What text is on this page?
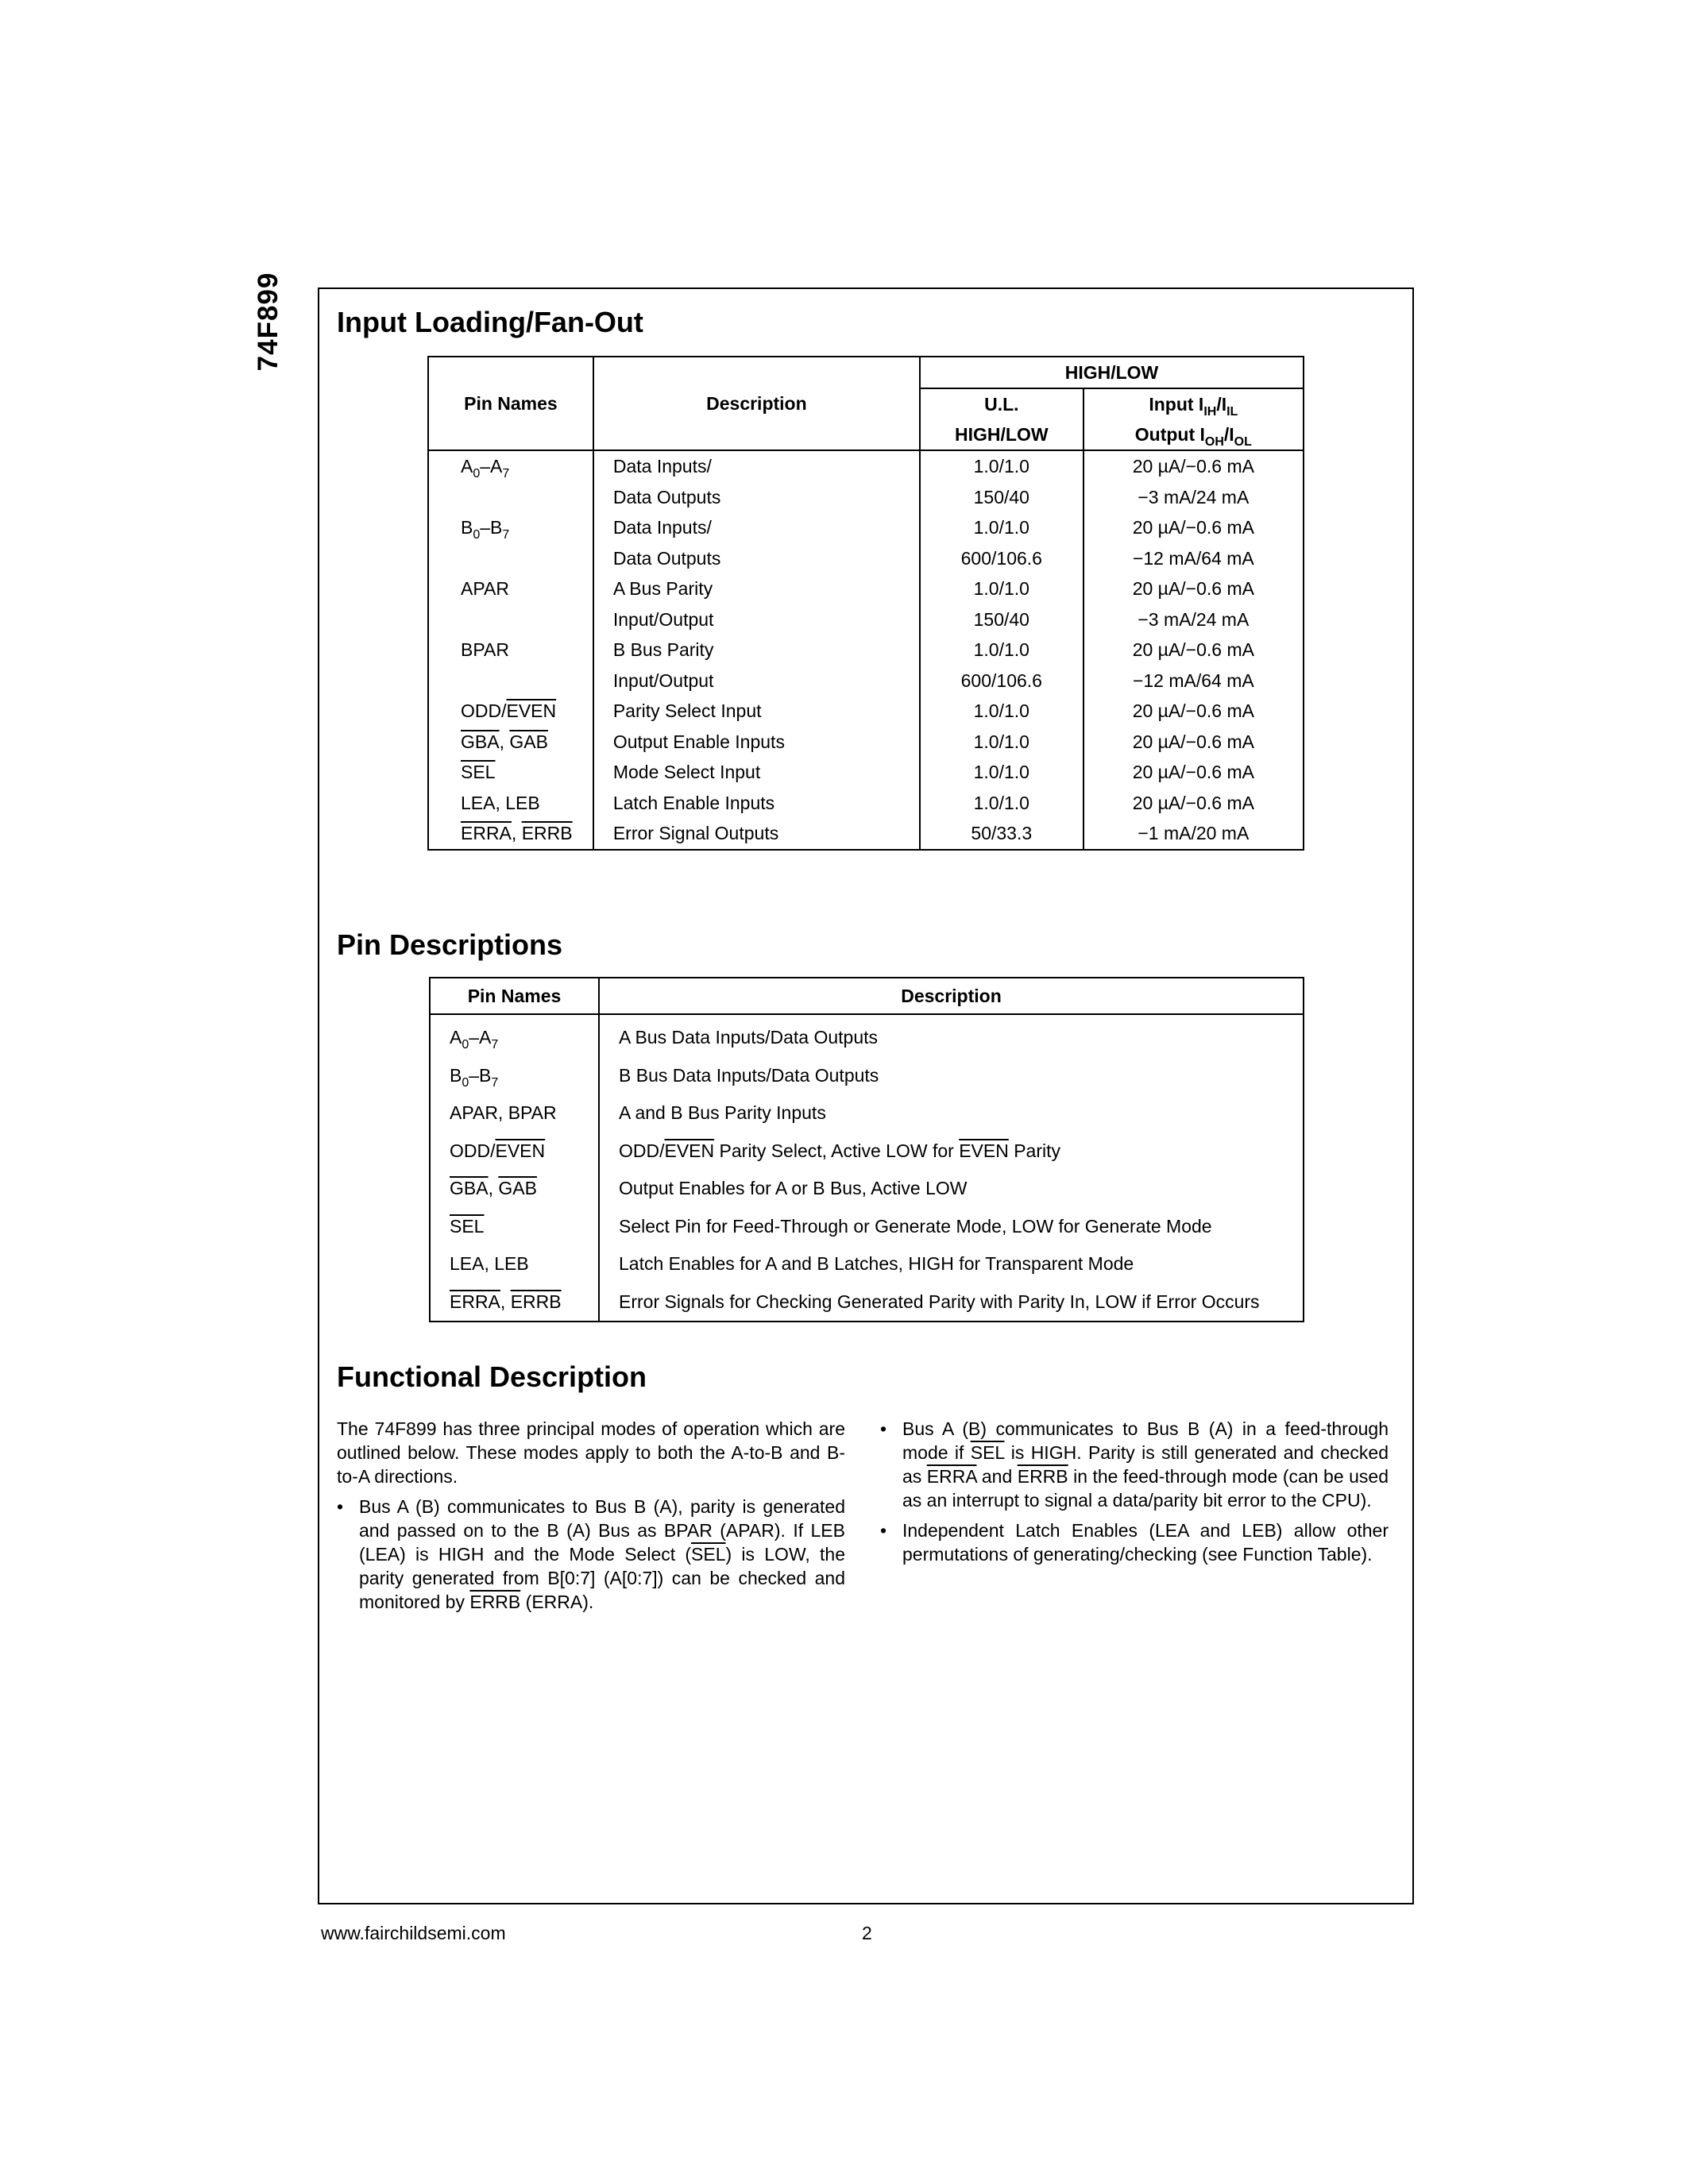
74F899 Input Loading/Fan-Out
Pin Names	Description	HIGH/LOW	
		U.L.	Input $I_{IH}/I_{IL}$
		HIGH/LOW	Output $I_{OH}/I_{OL}$
$A_0-A_7$	Data Inputs/	1.0/1.0	20 µA/−0.6 mA
	Data Outputs	150/40	−3 mA/24 mA
$B_0-B_7$	Data Inputs/	1.0/1.0	20 µA/−0.6 mA
	Data Outputs	600/106.6	−12 mA/64 mA
APAR	A Bus Parity	1.0/1.0	20 µA/−0.6 mA
	Input/Output	150/40	−3 mA/24 mA
BPAR	B Bus Parity	1.0/1.0	20 µA/−0.6 mA
	Input/Output	600/106.6	−12 mA/64 mA
ODD/EVEN	Parity Select Input	1.0/1.0	20 µA/−0.6 mA
$\overline{GBA}$, $\overline{GAB}$	Output Enable Inputs	1.0/1.0	20 µA/−0.6 mA
$\overline{SEL}$	Mode Select Input	1.0/1.0	20 µA/−0.6 mA
LEA, LEB	Latch Enable Inputs	1.0/1.0	20 µA/−0.6 mA
ERRA, ERRB	Error Signal Outputs	50/33.3	−1 mA/20 mA
Pin Descriptions
Pin Names	Description
$A_0-A_7$	A Bus Data Inputs/Data Outputs
$B_0-B_7$	B Bus Data Inputs/Data Outputs
APAR, BPAR	A and B Bus Parity Inputs
ODD/EVEN	ODD/EVEN Parity Select, Active LOW for EVEN Parity
$\overline{GBA}$, $\overline{GAB}$	Output Enables for A or B Bus, Active LOW
$\overline{SEL}$	Select Pin for Feed-Through or Generate Mode, LOW for Generate Mode
LEA, LEB	Latch Enables for A and B Latches, HIGH for Transparent Mode
ERRA, ERRB	Error Signals for Checking Generated Parity with Parity In, LOW if Error Occurs
Functional Description

The 74F899 has three principal modes of operation which are outlined below. These modes apply to both the A-to-B and B-to-A directions.

• Bus A (B) communicates to Bus B (A), parity is generated and passed on to the B (A) Bus as BPAR (APAR). If LEB (LEA) is HIGH and the Mode Select $(\overline{SEL})$ is LOW, the parity generated from B[0:7] (A[0:7]) can be checked and monitored by ERRB (ERRA).
• Bus A (B) communicates to Bus B (A) in a feed-through mode if $\overline{SEL}$ is HIGH. Parity is still generated and checked as ERRA and ERRB in the feed-through mode (can be used as an interrupt to signal a data/parity bit error to the CPU).
• Independent Latch Enables (LEA and LEB) allow other permutations of generating/checking (see Function Table).
www.fairchildsemi.com	2
